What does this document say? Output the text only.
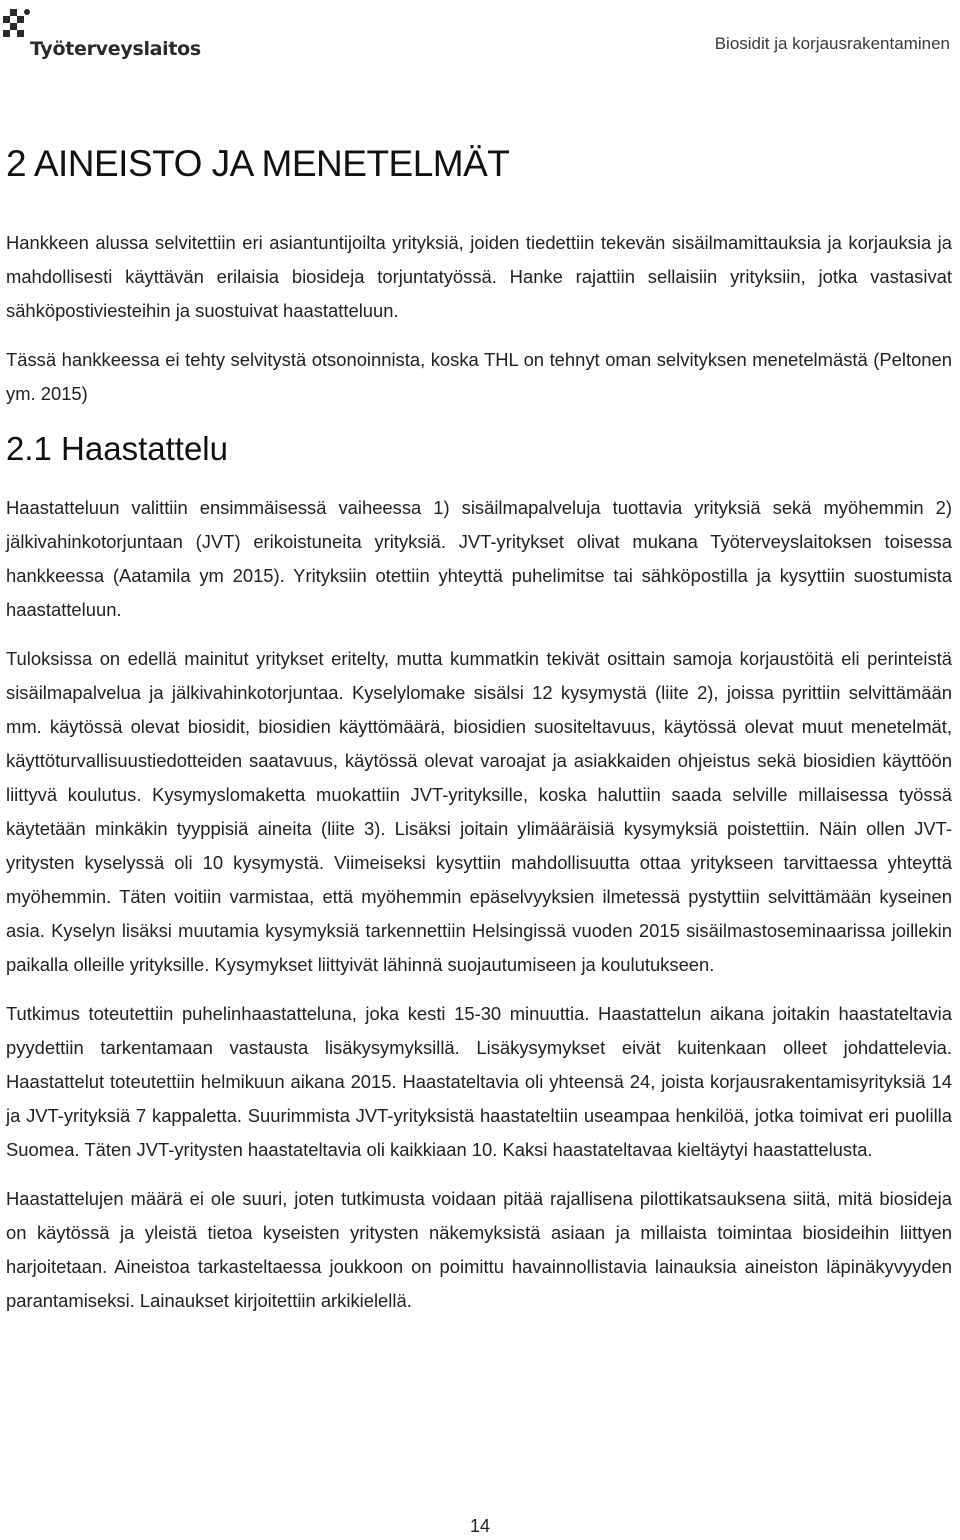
Työterveyslaitos	Biosidit ja korjausrakentaminen
2 AINEISTO JA MENETELMÄT

Hankkeen alussa selvitettiin eri asiantuntijoilta yrityksiä, joiden tiedettiin tekevän sisäilmamittauksia ja korjauksia ja mahdollisesti käyttävän erilaisia biosideja torjuntatyössä. Hanke rajattiin sellaisiin yrityksiin, jotka vastasivat sähköpostiviesteihin ja suostuivat haastatteluun.

Tässä hankkeessa ei tehty selvitystä otsonoinnista, koska THL on tehnyt oman selvityksen menetelmästä (Peltonen ym. 2015)

2.1 Haastattelu

Haastatteluun valittiin ensimmäisessä vaiheessa 1) sisäilmapalveluja tuottavia yrityksiä sekä myöhemmin 2) jälkivahinkotorjuntaan (JVT) erikoistuneita yrityksiä. JVT-yritykset olivat mukana Työterveyslaitoksen toisessa hankkeessa (Aatamila ym 2015). Yrityksiin otettiin yhteyttä puhelimitse tai sähköpostilla ja kysyttiin suostumista haastatteluun.

Tuloksissa on edellä mainitut yritykset eritelty, mutta kummatkin tekivät osittain samoja korjaustöitä eli perinteistä sisäilmapalvelua ja jälkivahinkotorjuntaa. Kyselylomake sisälsi 12 kysymystä (liite 2), joissa pyrittiin selvittämään mm. käytössä olevat biosidit, biosidien käyttömäärä, biosidien suositeltavuus, käytössä olevat muut menetelmät, käyttöturvallisuustiedotteiden saatavuus, käytössä olevat varoajat ja asiakkaiden ohjeistus sekä biosidien käyttöön liittyvä koulutus. Kysymyslomaketta muokattiin JVT-yrityksille, koska haluttiin saada selville millaisessa työssä käytetään minkäkin tyyppisiä aineita (liite 3). Lisäksi joitain ylimääräisiä kysymyksiä poistettiin. Näin ollen JVT-yritysten kyselyssä oli 10 kysymystä. Viimeiseksi kysyttiin mahdollisuutta ottaa yritykseen tarvittaessa yhteyttä myöhemmin. Täten voitiin varmistaa, että myöhemmin epäselvyyksien ilmetessä pystyttiin selvittämään kyseinen asia. Kyselyn lisäksi muutamia kysymyksiä tarkennettiin Helsingissä vuoden 2015 sisäilmastoseminaarissa joillekin paikalla olleille yrityksille. Kysymykset liittyivät lähinnä suojautumiseen ja koulutukseen.

Tutkimus toteutettiin puhelinhaastatteluna, joka kesti 15-30 minuuttia. Haastattelun aikana joitakin haastateltavia pyydettiin tarkentamaan vastausta lisäkysymyksillä. Lisäkysymykset eivät kuitenkaan olleet johdattelevia. Haastattelut toteutettiin helmikuun aikana 2015. Haastateltavia oli yhteensä 24, joista korjausrakentamisyrityksiä 14 ja JVT-yrityksiä 7 kappaletta. Suurimmista JVT-yrityksistä haastateltiin useampaa henkilöä, jotka toimivat eri puolilla Suomea. Täten JVT-yritysten haastateltavia oli kaikkiaan 10. Kaksi haastateltavaa kieltäytyi haastattelusta.

Haastattelujen määrä ei ole suuri, joten tutkimusta voidaan pitää rajallisena pilottikatsauksena siitä, mitä biosideja on käytössä ja yleistä tietoa kyseisten yritysten näkemyksistä asiaan ja millaista toimintaa biosideihin liittyen harjoitetaan. Aineistoa tarkasteltaessa joukkoon on poimittu havainnollistavia lainauksia aineiston läpinäkyvyyden parantamiseksi. Lainaukset kirjoitettiin arkikielellä.

14
